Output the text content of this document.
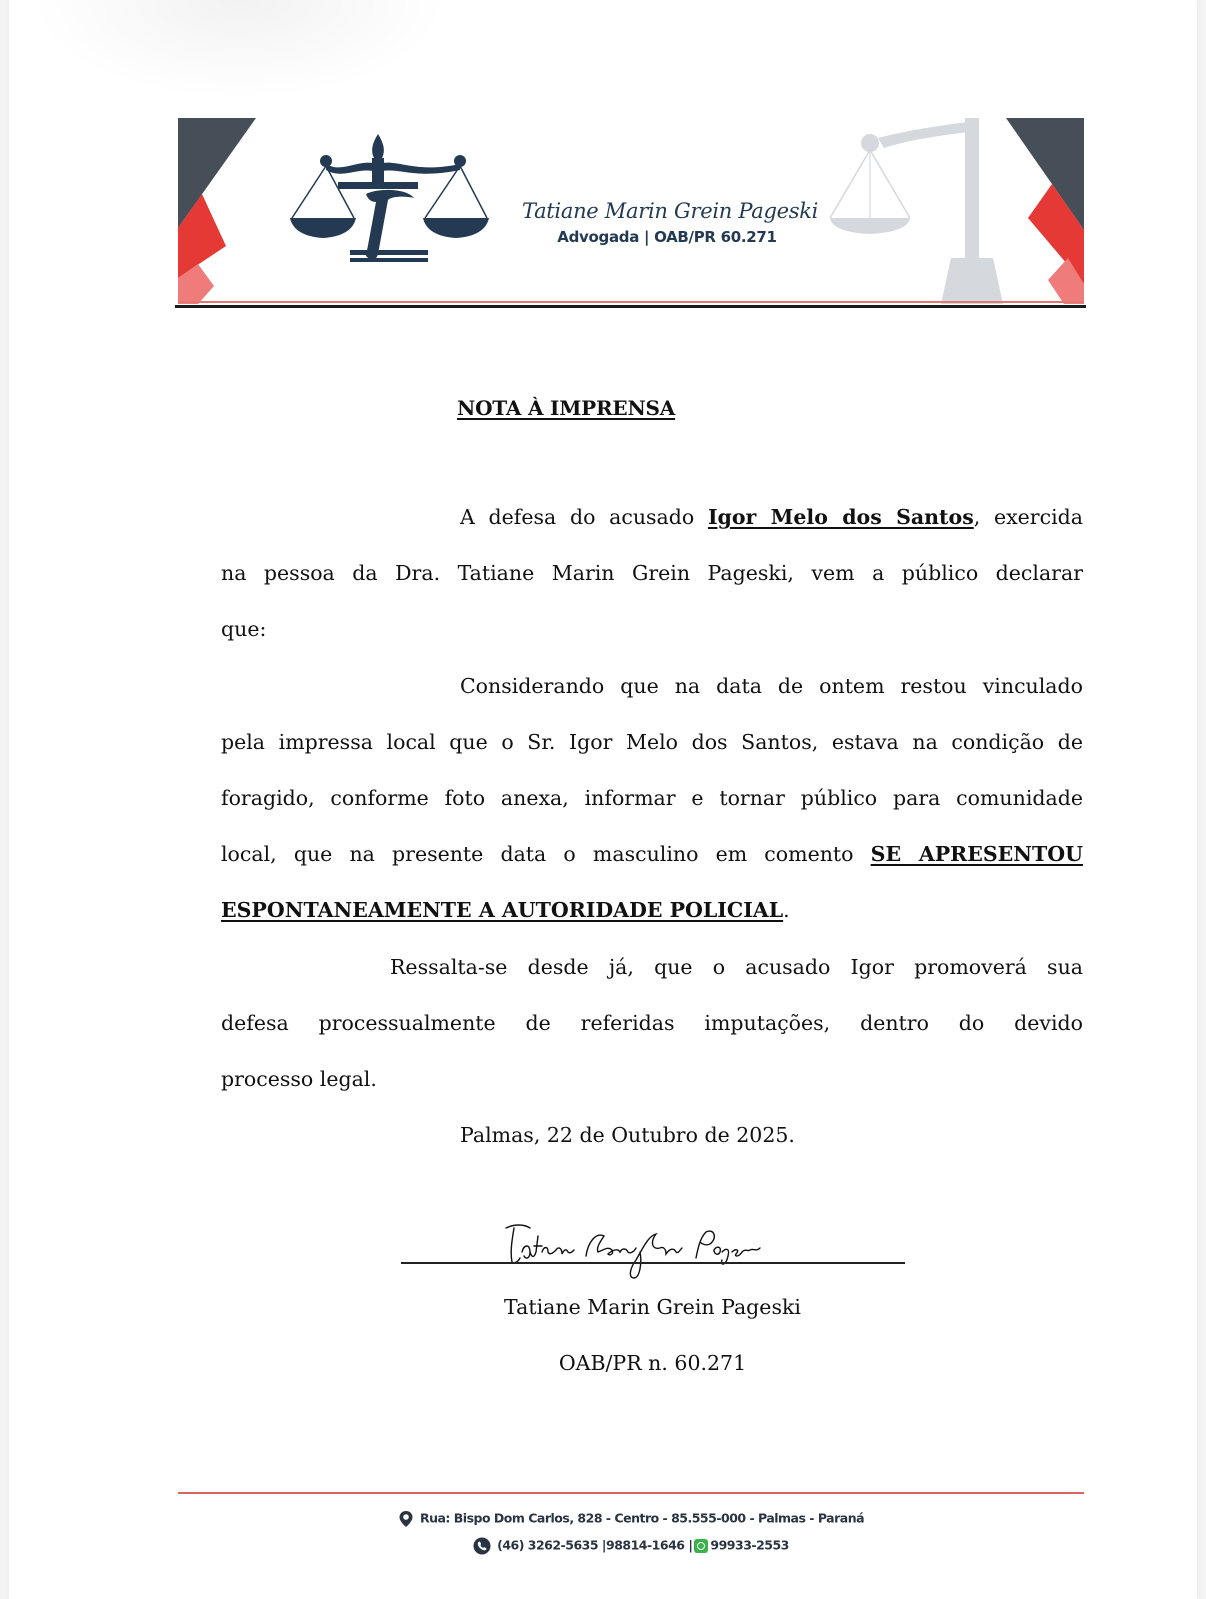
Tatiane Marin Grein Pageski
Advogada | OAB/PR 60.271
NOTA À IMPRENSA
A defesa do acusado Igor Melo dos Santos, exercida
na pessoa da Dra. Tatiane Marin Grein Pageski, vem a público declarar
que:
Considerando que na data de ontem restou vinculado
pela impressa local que o Sr. Igor Melo dos Santos, estava na condição de
foragido, conforme foto anexa, informar e tornar público para comunidade
local, que na presente data o masculino em comento SE APRESENTOU
ESPONTANEAMENTE A AUTORIDADE POLICIAL.
Ressalta-se desde já, que o acusado Igor promoverá sua
defesa processualmente de referidas imputações, dentro do devido
processo legal.
Palmas, 22 de Outubro de 2025.
Tatiane Marin Grein Pageski
OAB/PR n. 60.271
Rua: Bispo Dom Carlos, 828 - Centro - 85.555-000 - Palmas - Paraná
(46) 3262-5635 |98814-1646 | 99933-2553
